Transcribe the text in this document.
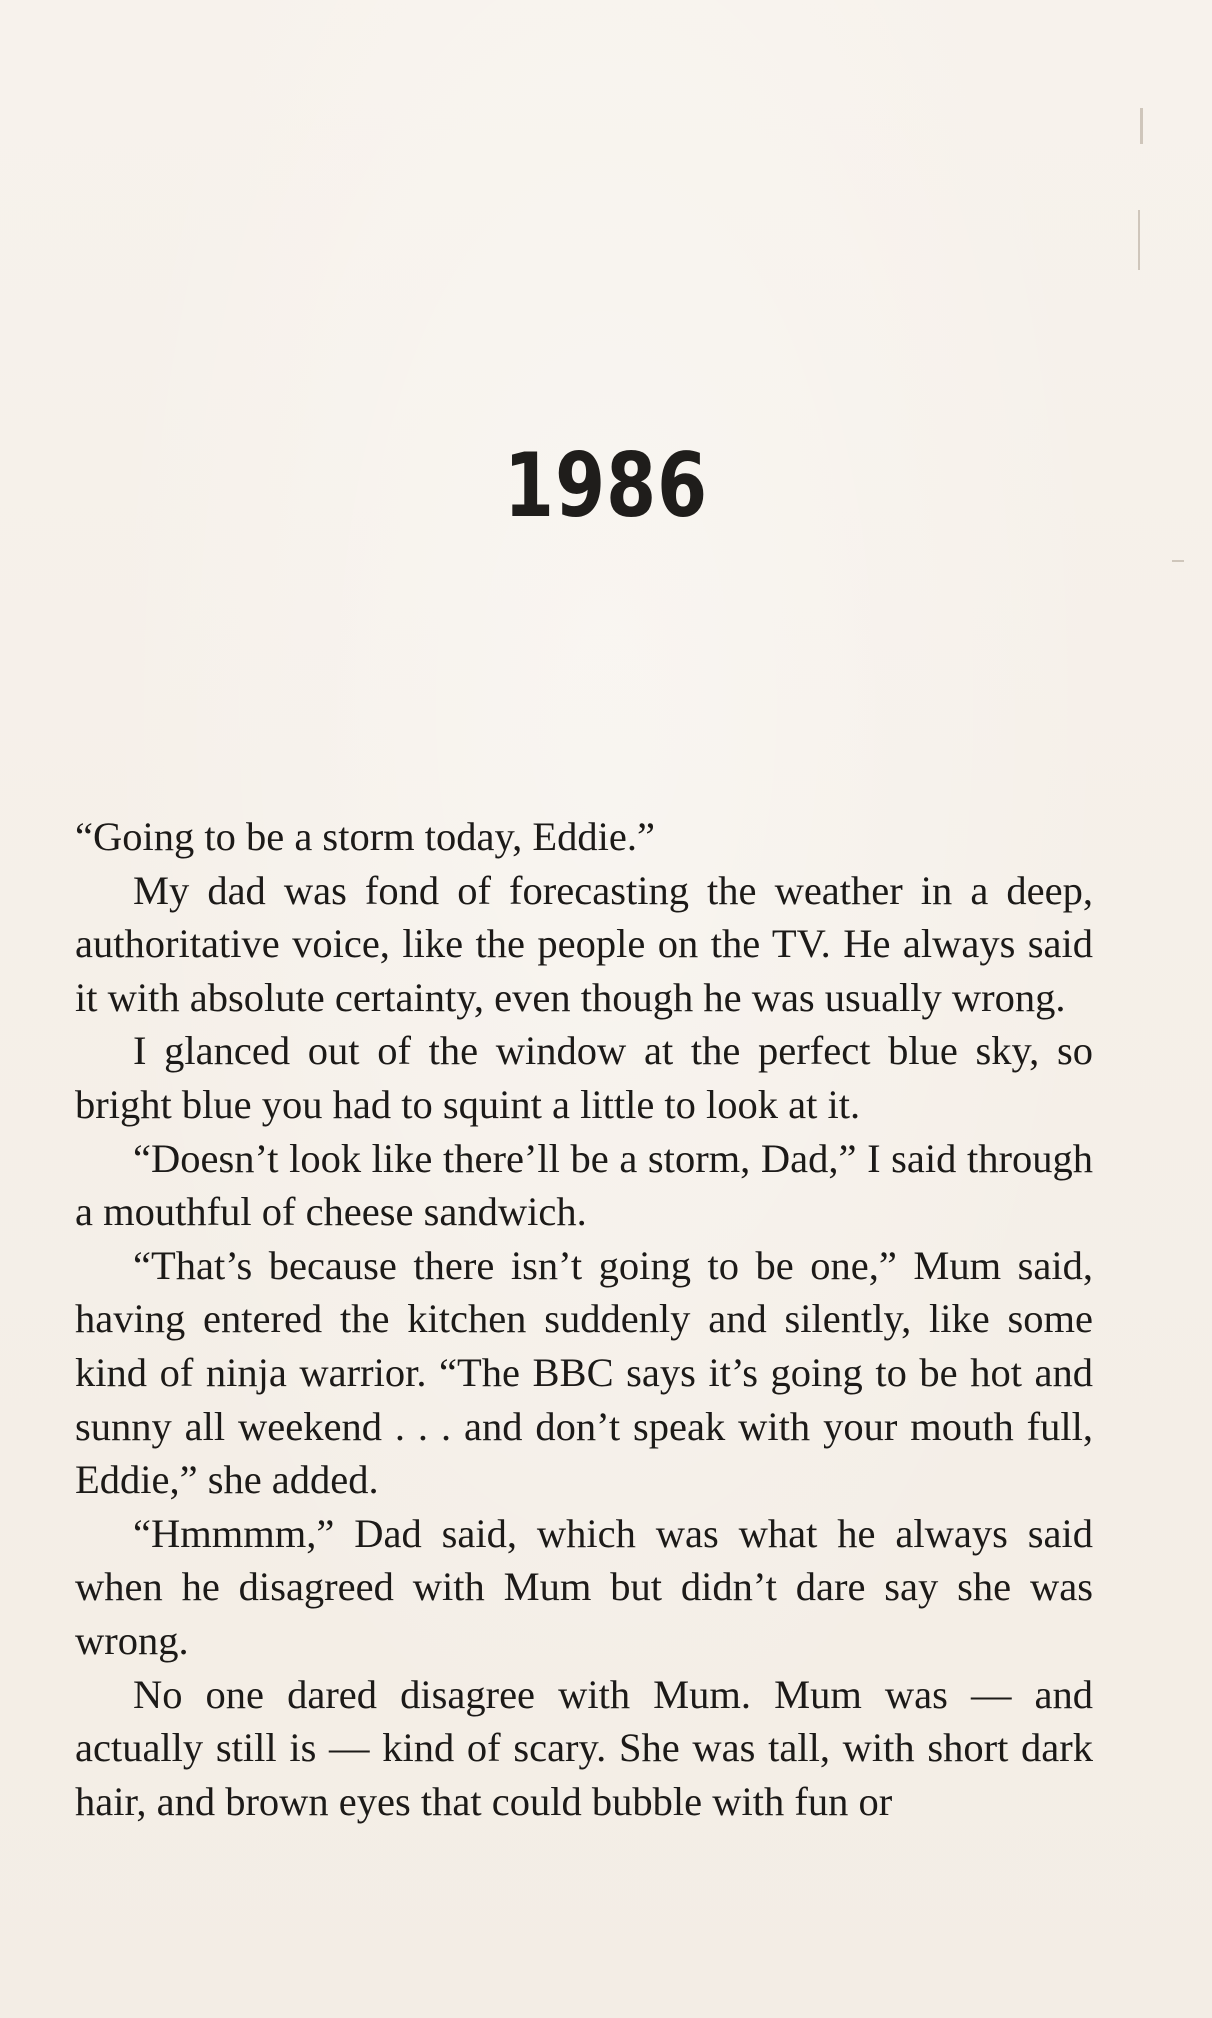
1986

“Going to be a storm today, Eddie.”

My dad was fond of forecasting the weather in a deep, authoritative voice, like the people on the TV. He always said it with absolute certainty, even though he was usually wrong.

I glanced out of the window at the perfect blue sky, so bright blue you had to squint a little to look at it.

“Doesn’t look like there’ll be a storm, Dad,” I said through a mouthful of cheese sandwich.

“That’s because there isn’t going to be one,” Mum said, having entered the kitchen suddenly and silently, like some kind of ninja warrior. “The BBC says it’s going to be hot and sunny all weekend . . . and don’t speak with your mouth full, Eddie,” she added.

“Hmmmm,” Dad said, which was what he always said when he disagreed with Mum but didn’t dare say she was wrong.

No one dared disagree with Mum. Mum was — and actually still is — kind of scary. She was tall, with short dark hair, and brown eyes that could bubble with fun or
